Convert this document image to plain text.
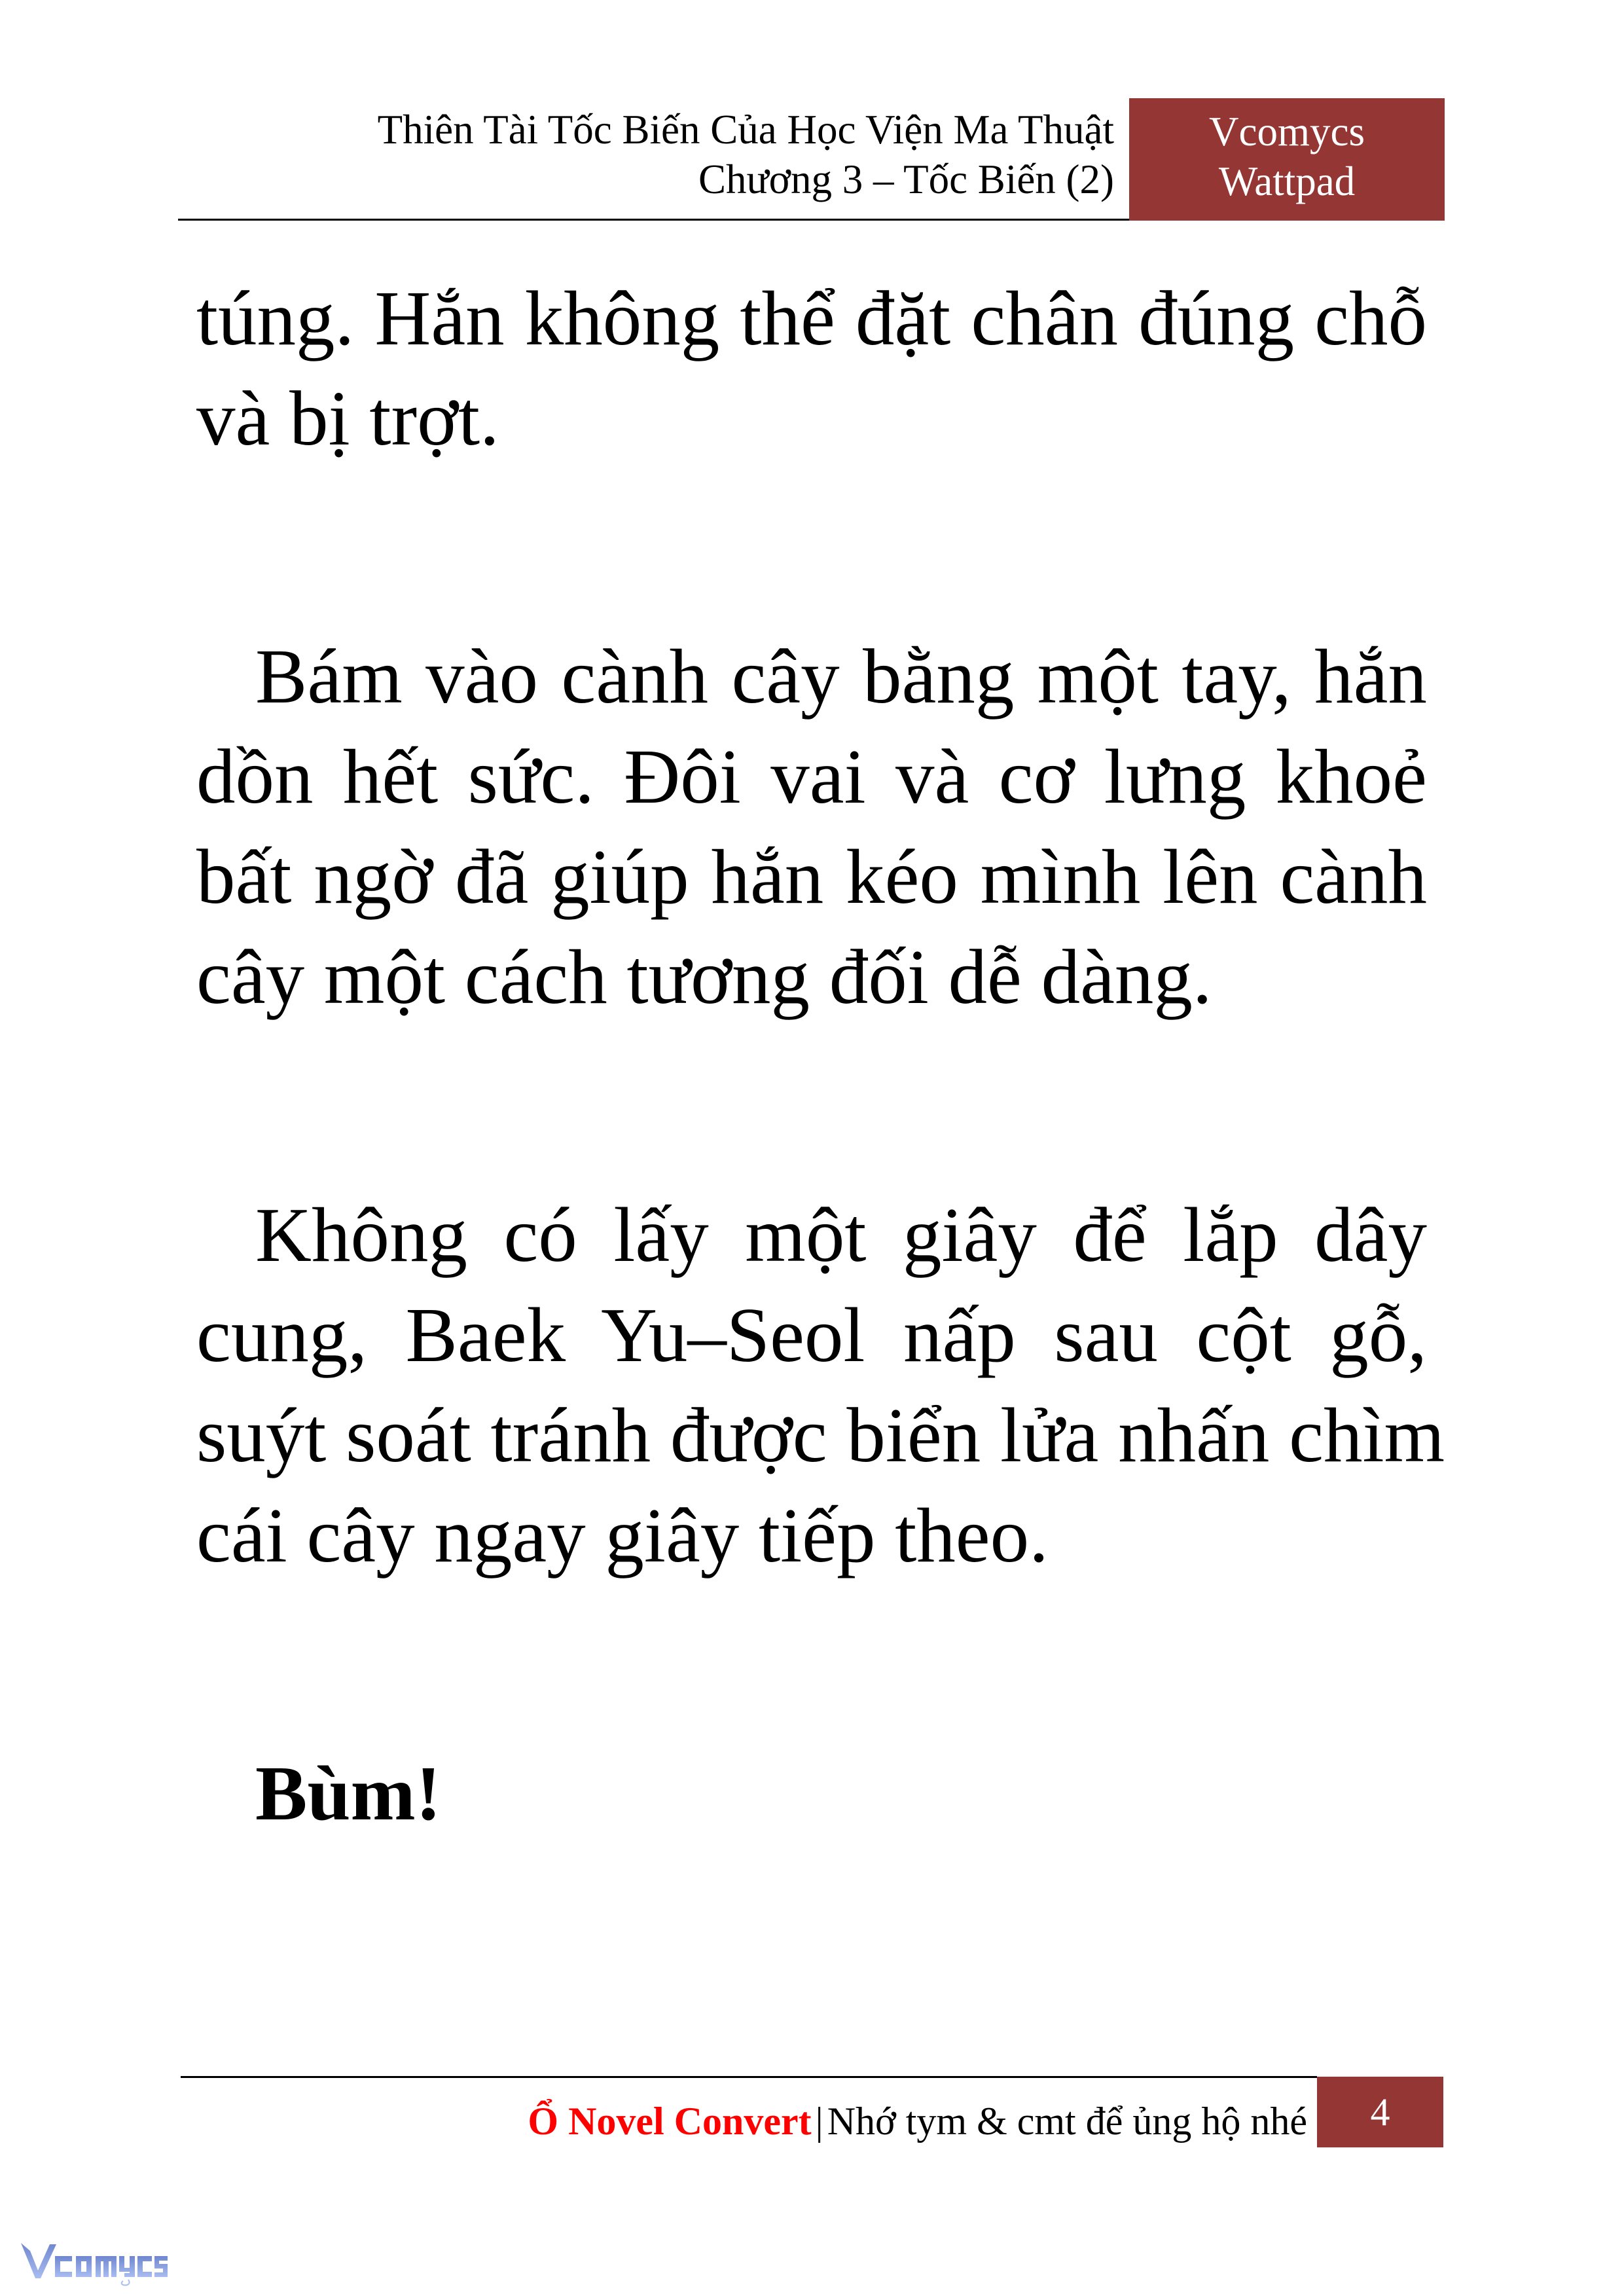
Thiên Tài Tốc Biến Của Học Viện Ma Thuật
Chương 3 – Tốc Biến (2)
Vcomycs
Wattpad

túng. Hắn không thể đặt chân đúng chỗ
và bị trợt.

Bám vào cành cây bằng một tay, hắn
dồn hết sức. Đôi vai và cơ lưng khoẻ
bất ngờ đã giúp hắn kéo mình lên cành
cây một cách tương đối dễ dàng.

Không có lấy một giây để lắp dây
cung, Baek Yu–Seol nấp sau cột gỗ,
suýt soát tránh được biển lửa nhấn chìm
cái cây ngay giây tiếp theo.

Bùm!

Ổ Novel Convert | Nhớ tym & cmt để ủng hộ nhé	4
